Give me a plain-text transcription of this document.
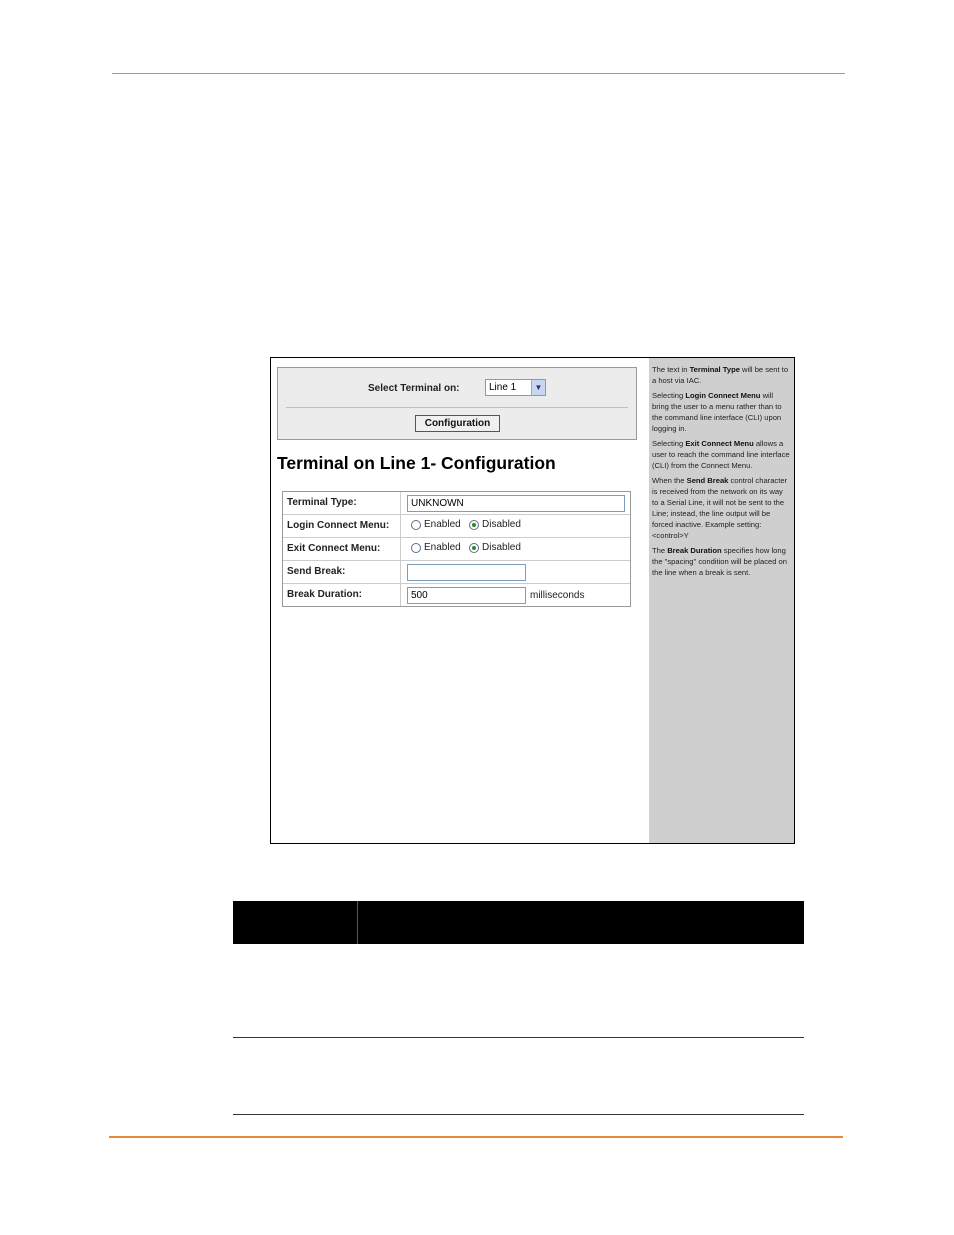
Select Terminal on:	Line 1	▼
Configuration
Terminal on Line 1- Configuration
Terminal Type:	UNKNOWN
Login Connect Menu:	Enabled Disabled
Exit Connect Menu:	Enabled Disabled
Send Break:
Break Duration:	500	milliseconds

The text in Terminal Type will be sent to a host via IAC.

Selecting Login Connect Menu will bring the user to a menu rather than to the command line interface (CLI) upon logging in.

Selecting Exit Connect Menu allows a user to reach the command line interface (CLI) from the Connect Menu.

When the Send Break control character is received from the network on its way to a Serial Line, it will not be sent to the Line; instead, the line output will be forced inactive. Example setting: <control>Y

The Break Duration specifies how long the "spacing" condition will be placed on the line when a break is sent.
